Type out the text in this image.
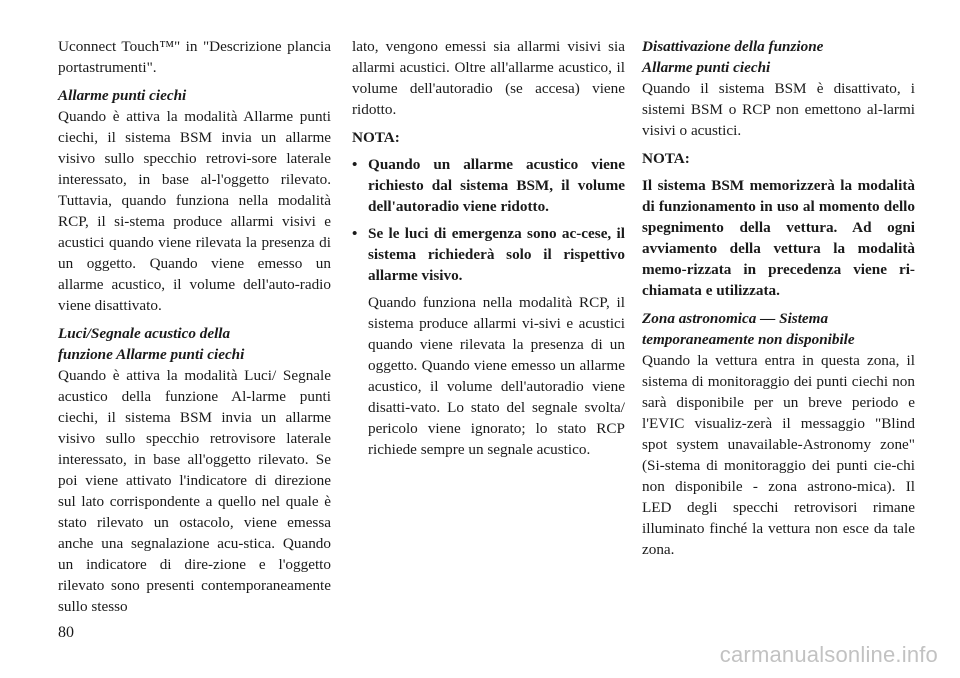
Uconnect Touch™" in "Descrizione plancia portastrumenti".

Allarme punti ciechi

Quando è attiva la modalità Allarme punti ciechi, il sistema BSM invia un allarme visivo sullo specchio retrovi-sore laterale interessato, in base al-l'oggetto rilevato. Tuttavia, quando funziona nella modalità RCP, il si-stema produce allarmi visivi e acustici quando viene rilevata la presenza di un oggetto. Quando viene emesso un allarme acustico, il volume dell'auto-radio viene disattivato.

Luci/Segnale acustico della
funzione Allarme punti ciechi

Quando è attiva la modalità Luci/ Segnale acustico della funzione Al-larme punti ciechi, il sistema BSM invia un allarme visivo sullo specchio retrovisore laterale interessato, in base all'oggetto rilevato. Se poi viene attivato l'indicatore di direzione sul lato corrispondente a quello nel quale è stato rilevato un ostacolo, viene emessa anche una segnalazione acu-stica. Quando un indicatore di dire-zione e l'oggetto rilevato sono presenti contemporaneamente sullo stesso

lato, vengono emessi sia allarmi visivi sia allarmi acustici. Oltre all'allarme acustico, il volume dell'autoradio (se accesa) viene ridotto.

NOTA:

• Quando un allarme acustico viene richiesto dal sistema BSM, il volume dell'autoradio viene ridotto.
• Se le luci di emergenza sono ac-cese, il sistema richiederà solo il rispettivo allarme visivo.

Quando funziona nella modalità RCP, il sistema produce allarmi vi-sivi e acustici quando viene rilevata la presenza di un oggetto. Quando viene emesso un allarme acustico, il volume dell'autoradio viene disatti-vato. Lo stato del segnale svolta/ pericolo viene ignorato; lo stato RCP richiede sempre un segnale acustico.

Disattivazione della funzione
Allarme punti ciechi

Quando il sistema BSM è disattivato, i sistemi BSM o RCP non emettono al-larmi visivi o acustici.

NOTA:

Il sistema BSM memorizzerà la modalità di funzionamento in uso al momento dello spegnimento della vettura. Ad ogni avviamento della vettura la modalità memo-rizzata in precedenza viene ri-chiamata e utilizzata.

Zona astronomica — Sistema
temporaneamente non disponibile

Quando la vettura entra in questa zona, il sistema di monitoraggio dei punti ciechi non sarà disponibile per un breve periodo e l'EVIC visualiz-zerà il messaggio "Blind spot system unavailable-Astronomy zone" (Si-stema di monitoraggio dei punti cie-chi non disponibile - zona astrono-mica). Il LED degli specchi retrovisori rimane illuminato finché la vettura non esce da tale zona.

80
carmanualsonline.info
